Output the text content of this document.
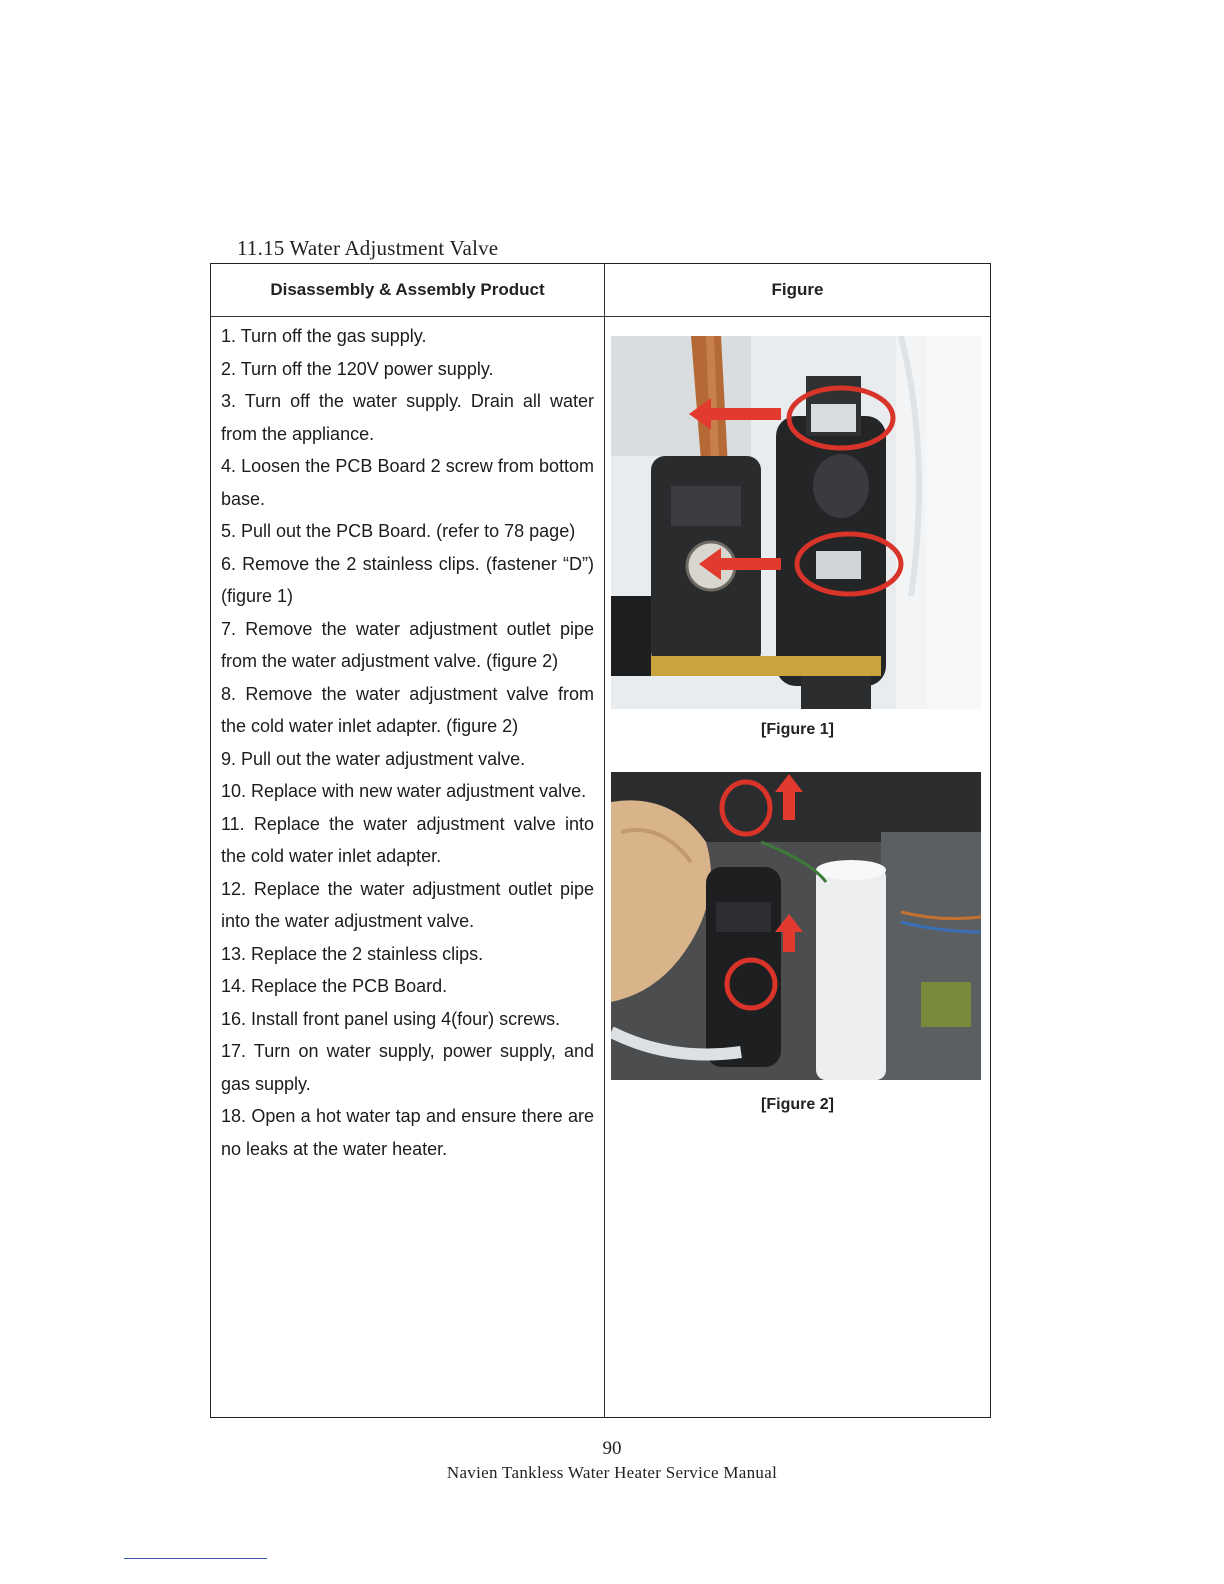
11.15 Water Adjustment Valve
Disassembly & Assembly Product	Figure
1. Turn off the gas supply.
2. Turn off the 120V power supply.
3. Turn off the water supply. Drain all water from the appliance.
4. Loosen the PCB Board 2 screw from bottom base.
5. Pull out the PCB Board. (refer to 78 page)
6. Remove the 2 stainless clips. (fastener “D”) (figure 1)
7. Remove the water adjustment outlet pipe from the water adjustment valve. (figure 2)
8. Remove the water adjustment valve from the cold water inlet adapter. (figure 2)
9. Pull out the water adjustment valve.
10. Replace with new water adjustment valve.
11. Replace the water adjustment valve into the cold water inlet adapter.
12. Replace the water adjustment outlet pipe into the water adjustment valve.
13. Replace the 2 stainless clips.
14. Replace the PCB Board.
16. Install front panel using 4(four) screws.
17. Turn on water supply, power supply, and gas supply.
18. Open a hot water tap and ensure there are no leaks at the water heater.
[Figure 1]
[Figure 2]
90
Navien Tankless Water Heater Service Manual
